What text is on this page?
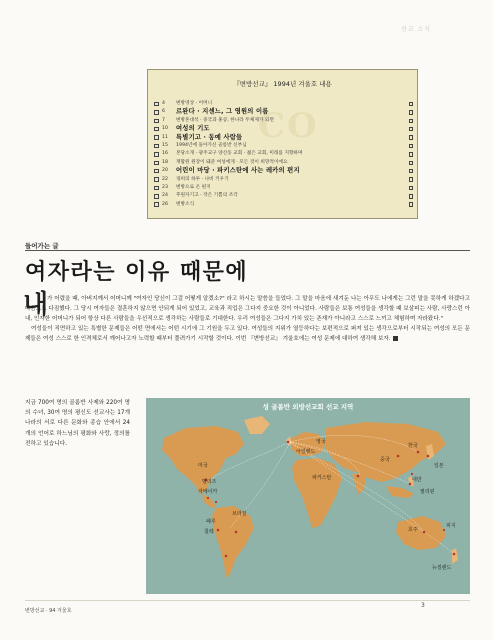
선교 소식
CO
『변방선교』 1994년 겨울호 내용
4	변방영상 · 어머니
6	르완다 · 지센느, 그 영원의 이름
7	변방혼대석 · 중국과 홍콩, 한나라 두체제가 되면
10	여성의 기도
11	특별기고 · 동예 사람들
15	1994년에 돌아가신 골롬반 신부님
16	본당소개 · 광주교구 양산동 교회 · 젊은 교회, 미래를 지향하며
18	재활원 원장이 돼준 여성에게 · 모든 것이 희망적이에요
20	어린이 마당 · 파키스탄에 사는 레카의 편지
22	경희의 하루 · 나비 키우기
23	변방으로 온 편지
24	후원자기고 · 작은 기쁨의 조각
26	변방소식
들어가는 글
여자라는 이유 때문에
내

가 어렸을 때, 아버지께서 어머니께 "여자인 당신이 그걸 어떻게 알겠소?" 라고 하시는 말씀을 들었다. 그 말을 마음에 새겨둔 나는 아무도 나에게는 그런 말을 못하게 하겠다고 마음으로 다짐했다. 그 당시 여자들은 결혼하지 않으면 안되게 되어 있었고, 교육과 직업은 그다지 중요한 것이 아니었다. 사람들은 보통 여성들을 생각할 때 보살피는 사람, 사랑스런 아내, 인자한 어머니가 되어 항상 다른 사람들을 우선적으로 생각하는 사람들로 기대한다. 우리 여성들은 그다지 가치 있는 존재가 아니라고 스스로 느끼고 체험하며 자라왔다."

여성들이 직면하고 있는 특별한 문제들은 어떤 면에서는 어떤 시기에 그 기원을 두고 있다. 여성들의 지위가 열등하다는 보편적으로 퍼져 있는 생각으로부터 시작되는 여성의 모든 문제들은 여성 스스로 한 인격체로서 깨어나고자 노력할 때부터 풀려가기 시작할 것이다. 이번 『변방선교』 겨울호에는 여성 문제에 대하여 생각해 보자.

지금 700여 명의 골롬반 사제와 220여 명의 수녀, 30여 명의 평신도 선교사는 17개 나라의 서로 다른 문화와 종습 안에서 24개의 언어로 하느님의 평화와 사랑, 정의를 전하고 있습니다.
성 골롬반 외방선교회 선교 지역
영국
아일랜드
미국
벨리즈
자메이카
페루
브라질
칠레
파키스탄
중국
한국
일본
대만
필리핀
호주
피지
뉴질랜드
변방선교 · 94 겨울호
3
